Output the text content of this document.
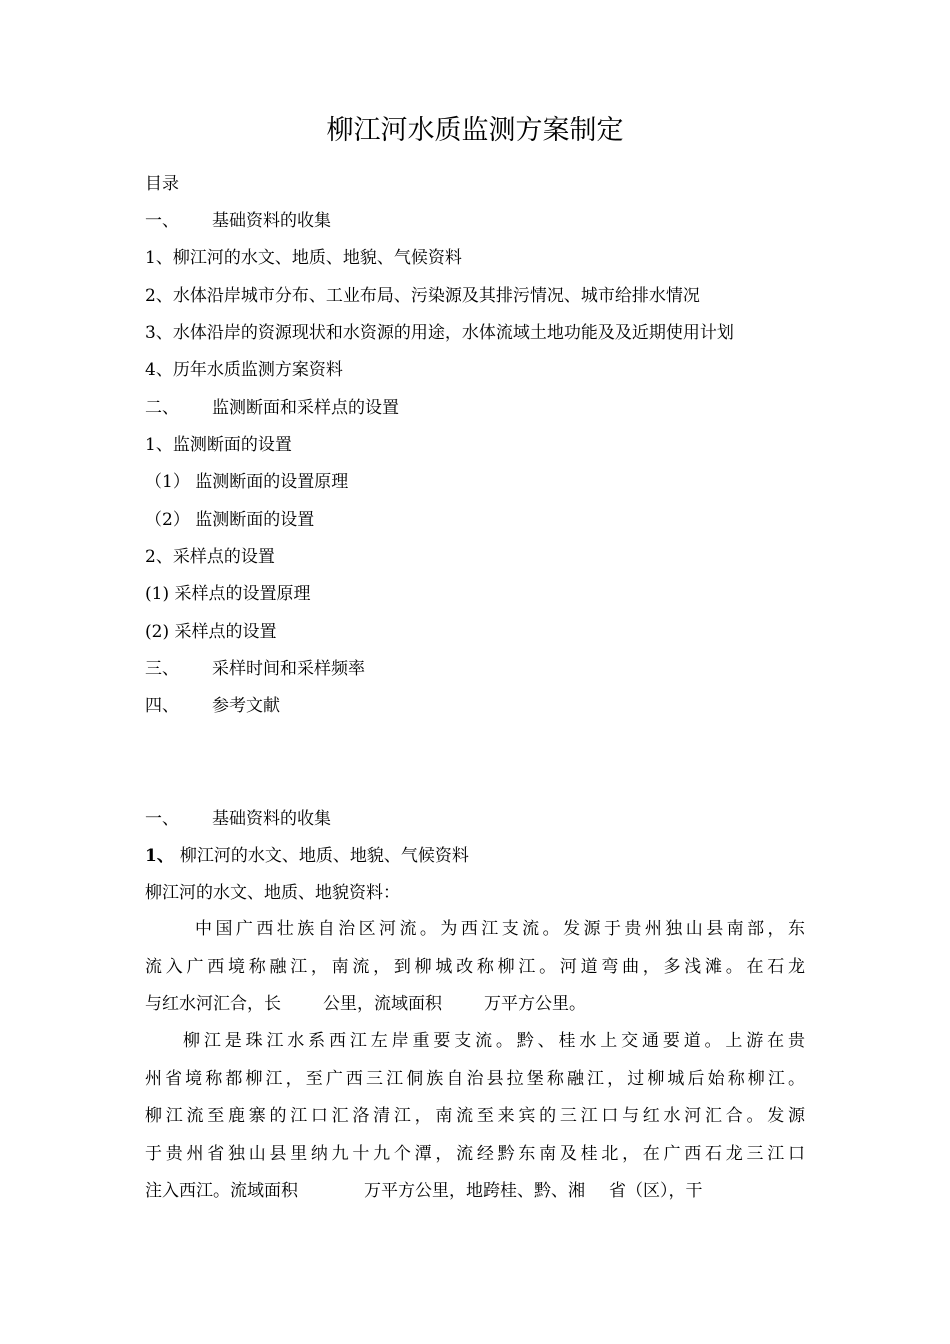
柳江河水质监测方案制定
目录
一、 基础资料的收集
1、柳江河的水文、地质、地貌、气候资料
2、水体沿岸城市分布、工业布局、污染源及其排污情况、城市给排水情况
3、水体沿岸的资源现状和水资源的用途，水体流域土地功能及及近期使用计划
4、历年水质监测方案资料
二、 监测断面和采样点的设置
1、监测断面的设置
（1） 监测断面的设置原理
（2） 监测断面的设置
2、采样点的设置
(1) 采样点的设置原理
(2) 采样点的设置
三、 采样时间和采样频率
四、 参考文献
一、 基础资料的收集
1、 柳江河的水文、地质、地貌、气候资料
柳江河的水文、地质、地貌资料：
中国广西壮族自治区河流。为西江支流。发源于贵州独山县南部，东
流入广西境称融江，南流，到柳城改称柳江。河道弯曲，多浅滩。在石龙
与红水河汇合，长 公里，流域面积 万平方公里。
柳江是珠江水系西江左岸重要支流。黔、桂水上交通要道。上游在贵
州省境称都柳江，至广西三江侗族自治县拉堡称融江，过柳城后始称柳江。
柳江流至鹿寨的江口汇洛清江，南流至来宾的三江口与红水河汇合。发源
于贵州省独山县里纳九十九个潭，流经黔东南及桂北，在广西石龙三江口
注入西江。流域面积	万平方公里，地跨桂、黔、湘 省（区），干
